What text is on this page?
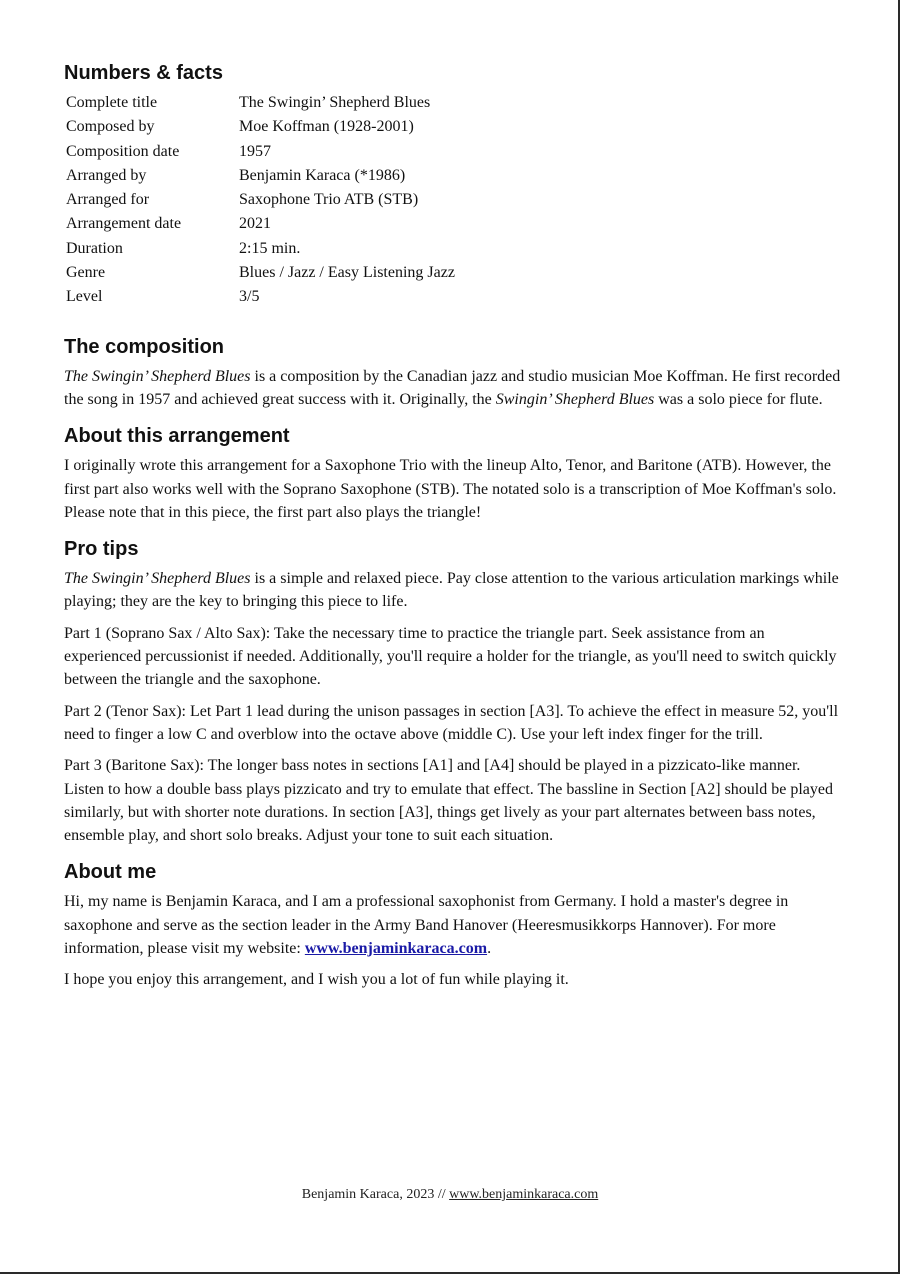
Numbers & facts
Complete title	The Swingin’ Shepherd Blues
Composed by	Moe Koffman (1928-2001)
Composition date	1957
Arranged by	Benjamin Karaca (*1986)
Arranged for	Saxophone Trio ATB (STB)
Arrangement date	2021
Duration	2:15 min.
Genre	Blues / Jazz / Easy Listening Jazz
Level	3/5
The composition

The Swingin’ Shepherd Blues is a composition by the Canadian jazz and studio musician Moe Koffman. He first recorded the song in 1957 and achieved great success with it. Originally, the Swingin’ Shepherd Blues was a solo piece for flute.

About this arrangement

I originally wrote this arrangement for a Saxophone Trio with the lineup Alto, Tenor, and Baritone (ATB). However, the first part also works well with the Soprano Saxophone (STB). The notated solo is a transcription of Moe Koffman's solo. Please note that in this piece, the first part also plays the triangle!

Pro tips

The Swingin’ Shepherd Blues is a simple and relaxed piece. Pay close attention to the various articulation markings while playing; they are the key to bringing this piece to life.

Part 1 (Soprano Sax / Alto Sax): Take the necessary time to practice the triangle part. Seek assistance from an experienced percussionist if needed. Additionally, you'll require a holder for the triangle, as you'll need to switch quickly between the triangle and the saxophone.

Part 2 (Tenor Sax): Let Part 1 lead during the unison passages in section [A3]. To achieve the effect in measure 52, you'll need to finger a low C and overblow into the octave above (middle C). Use your left index finger for the trill.

Part 3 (Baritone Sax): The longer bass notes in sections [A1] and [A4] should be played in a pizzicato-like manner. Listen to how a double bass plays pizzicato and try to emulate that effect. The bassline in Section [A2] should be played similarly, but with shorter note durations. In section [A3], things get lively as your part alternates between bass notes, ensemble play, and short solo breaks. Adjust your tone to suit each situation.

About me

Hi, my name is Benjamin Karaca, and I am a professional saxophonist from Germany. I hold a master's degree in saxophone and serve as the section leader in the Army Band Hanover (Heeresmusikkorps Hannover). For more information, please visit my website: www.benjaminkaraca.com.

I hope you enjoy this arrangement, and I wish you a lot of fun while playing it.

Benjamin Karaca, 2023 // www.benjaminkaraca.com
